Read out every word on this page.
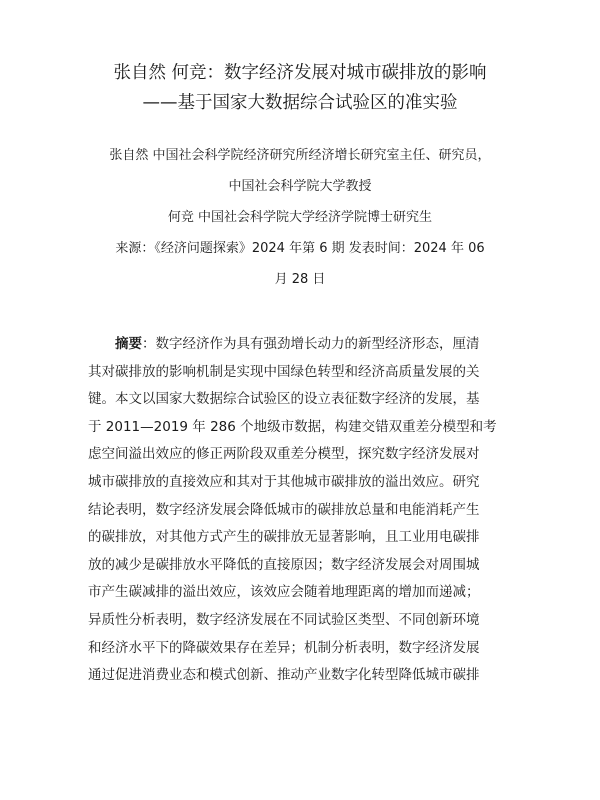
张自然 何竞：数字经济发展对城市碳排放的影响
——基于国家大数据综合试验区的准实验
张自然 中国社会科学院经济研究所经济增长研究室主任、研究员，
中国社会科学院大学教授
何竞 中国社会科学院大学经济学院博士研究生
来源：《经济问题探索》2024 年第 6 期 发表时间：2024 年 06
月 28 日
摘要：数字经济作为具有强劲增长动力的新型经济形态，厘清
其对碳排放的影响机制是实现中国绿色转型和经济高质量发展的关
键。本文以国家大数据综合试验区的设立表征数字经济的发展，基
于 2011—2019 年 286 个地级市数据，构建交错双重差分模型和考
虑空间溢出效应的修正两阶段双重差分模型，探究数字经济发展对
城市碳排放的直接效应和其对于其他城市碳排放的溢出效应。研究
结论表明，数字经济发展会降低城市的碳排放总量和电能消耗产生
的碳排放，对其他方式产生的碳排放无显著影响，且工业用电碳排
放的减少是碳排放水平降低的直接原因；数字经济发展会对周围城
市产生碳减排的溢出效应，该效应会随着地理距离的增加而递减；
异质性分析表明，数字经济发展在不同试验区类型、不同创新环境
和经济水平下的降碳效果存在差异；机制分析表明，数字经济发展
通过促进消费业态和模式创新、推动产业数字化转型降低城市碳排
